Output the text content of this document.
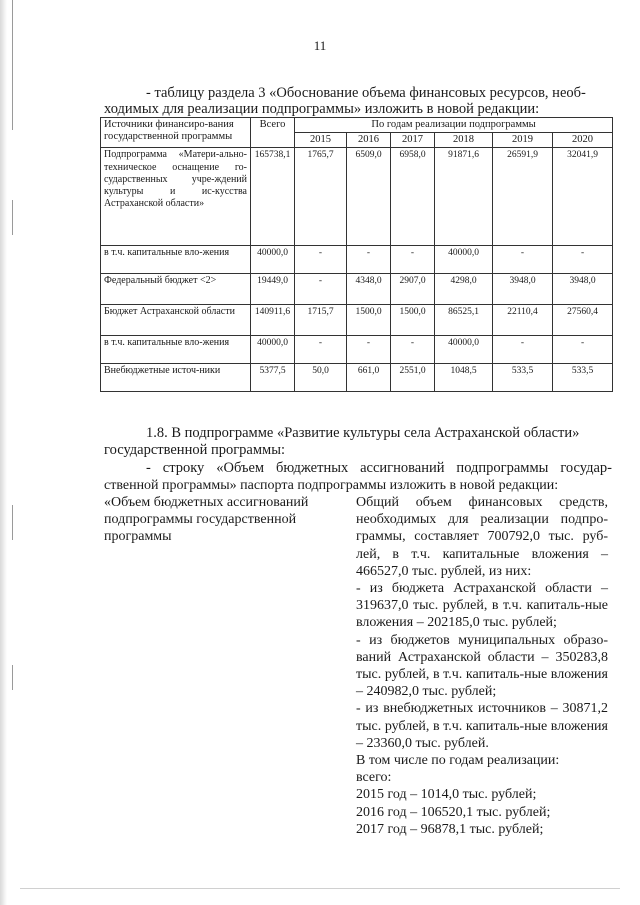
11
- таблицу раздела 3 «Обоснование объема финансовых ресурсов, необ-
ходимых для реализации подпрограммы» изложить в новой редакции:
Источники финансиро-вания государственной программы	Всего	По годам реализации подпрограммы					
		2015	2016	2017	2018	2019	2020
Подпрограмма «Матери-ально-техническое оснащение го-сударственных учре-ждений культуры и ис-кусства Астраханской области»	165738,1	1765,7	6509,0	6958,0	91871,6	26591,9	32041,9
в т.ч. капитальные вло-жения	40000,0	-	-	-	40000,0	-	-
Федеральный бюджет <2>	19449,0	-	4348,0	2907,0	4298,0	3948,0	3948,0
Бюджет Астраханской области	140911,6	1715,7	1500,0	1500,0	86525,1	22110,4	27560,4
в т.ч. капитальные вло-жения	40000,0	-	-	-	40000,0	-	-
Внебюджетные источ-ники	5377,5	50,0	661,0	2551,0	1048,5	533,5	533,5
1.8. В подпрограмме «Развитие культуры села Астраханской области»
государственной программы:
- строку «Объем бюджетных ассигнований подпрограммы государ-
ственной программы» паспорта подпрограммы изложить в новой редакции:
«Объем бюджетных ассигнований
подпрограммы государственной
программы
Общий объем финансовых средств, необходимых для реализации подпро-граммы, составляет 700792,0 тыс. руб-лей, в т.ч. капитальные вложения – 466527,0 тыс. рублей, из них:
- из бюджета Астраханской области – 319637,0 тыс. рублей, в т.ч. капиталь-ные вложения – 202185,0 тыс. рублей;
- из бюджетов муниципальных образо-ваний Астраханской области – 350283,8 тыс. рублей, в т.ч. капиталь-ные вложения – 240982,0 тыс. рублей;
- из внебюджетных источников – 30871,2 тыс. рублей, в т.ч. капиталь-ные вложения – 23360,0 тыс. рублей.
В том числе по годам реализации:
всего:
2015 год – 1014,0 тыс. рублей;
2016 год – 106520,1 тыс. рублей;
2017 год – 96878,1 тыс. рублей;
